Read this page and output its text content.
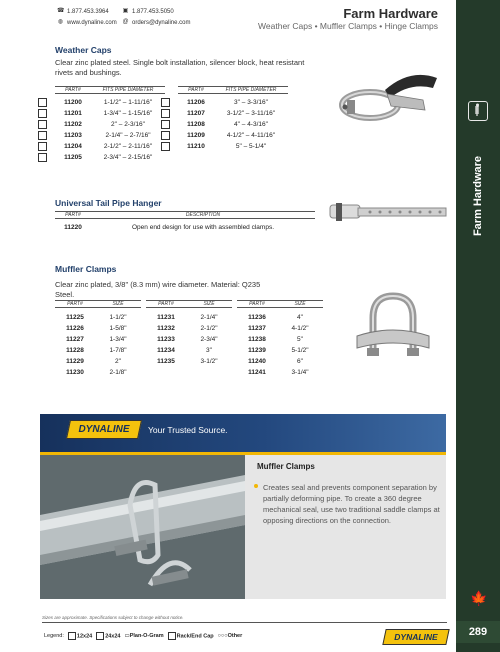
☎ 1.877.453.3964
◍ www.dynaline.com
▣ 1.877.453.5050
@ orders@dynaline.com
Farm Hardware
Weather Caps • Muffler Clamps • Hinge Clamps
Farm Hardware
🍁
289
Weather Caps
Clear zinc plated steel. Single bolt installation, silencer block, heat resistant rivets and bushings.
PART#	FITS PIPE DIAMETER	PART#	FITS PIPE DIAMETER
11200	1-1/2" – 1-11/16"
11201	1-3/4" – 1-15/16"
11202	2" – 2-3/16"
11203	2-1/4" – 2-7/16"
11204	2-1/2" – 2-11/16"
11205	2-3/4" – 2-15/16"
11206	3" – 3-3/16"
11207	3-1/2" – 3-11/16"
11208	4" – 4-3/16"
11209	4-1/2" – 4-11/16"
11210	5" – 5-1/4"
Universal Tail Pipe Hanger
PART#	DESCRIPTION
11220	Open end design for use with assembled clamps.
Muffler Clamps
Clear zinc plated, 3/8" (8.3 mm) wire diameter. Material: Q235 Steel.
PART#	SIZE	PART#	SIZE	PART#	SIZE
11225	1-1/2"
11226	1-5/8"
11227	1-3/4"
11228	1-7/8"
11229	2"
11230	2-1/8"
11231	2-1/4"
11232	2-1/2"
11233	2-3/4"
11234	3"
11235	3-1/2"
11236	4"
11237	4-1/2"
11238	5"
11239	5-1/2"
11240	6"
11241	3-1/4"
DYNALINE	Your Trusted Source.
Muffler Clamps
Creates seal and prevents component separation by partially deforming pipe. To create a 360 degree mechanical seal, use two traditional saddle clamps at opposing directions on the connection.
Sizes are approximate. Specifications subject to change without notice.
Legend:	12x24	24x24 ▭Plan-O-Gram	Rack/End Cap ○○○Other	DYNALINE
